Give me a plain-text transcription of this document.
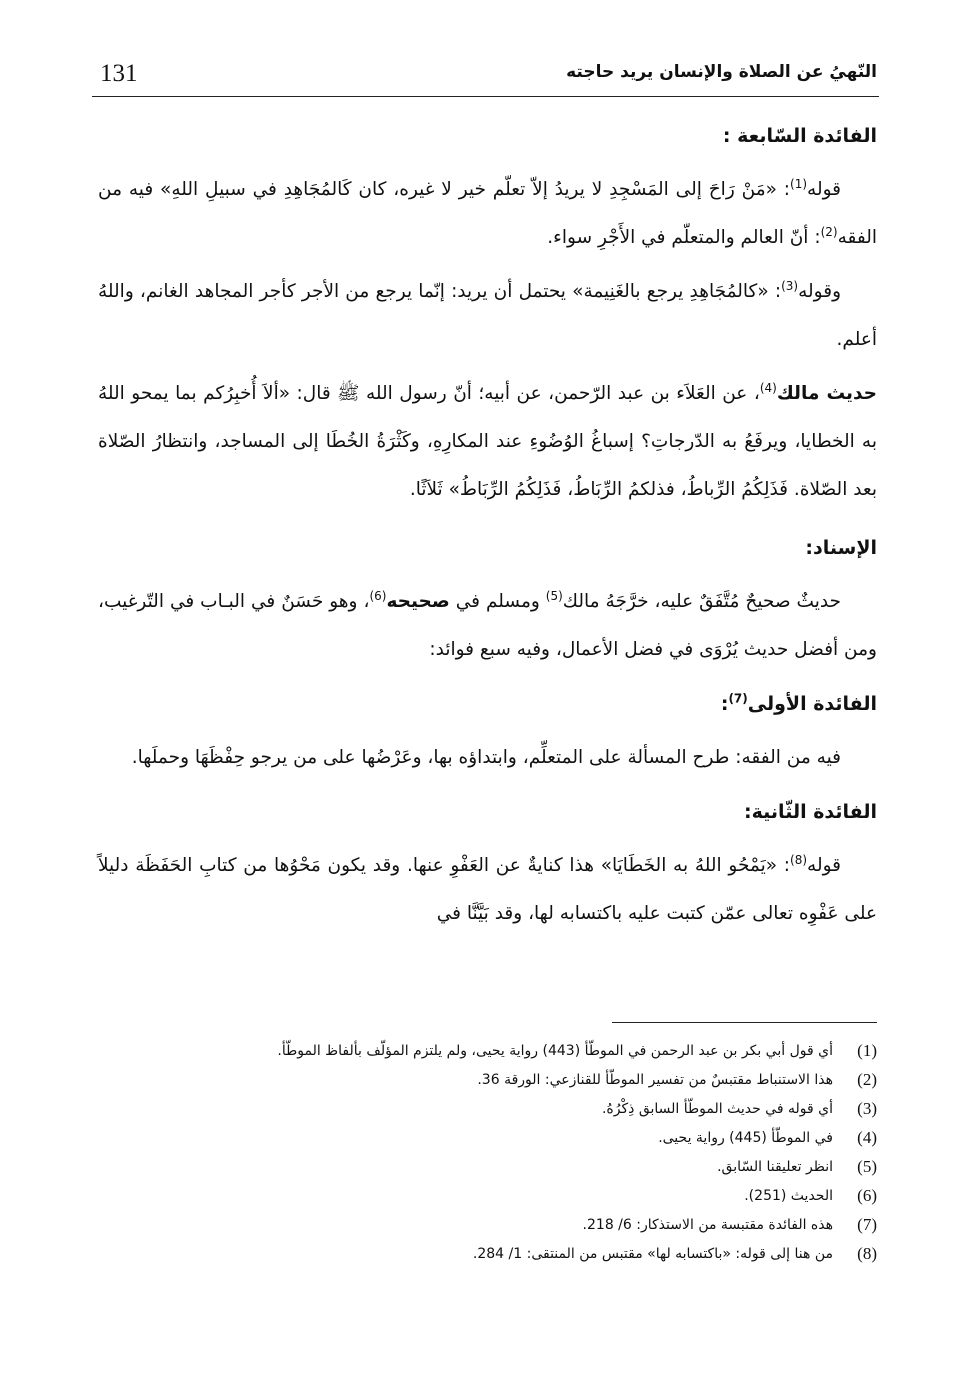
131	النّهيُ عن الصلاة والإنسان يريد حاجته

الفائدة السّابعة :

قوله$^{(1)}$: «مَنْ رَاحَ إلى المَسْجِدِ لا يريدُ إلاّ تعلّم خير لا غيره، كان كَالمُجَاهِدِ في سبيلِ اللهِ» فيه من الفقه$^{(2)}$: أنّ العالم والمتعلّم في الأَجْرِ سواء.

وقوله$^{(3)}$: «كالمُجَاهِدِ يرجع بالغَنِيمة» يحتمل أن يريد: إنّما يرجع من الأجر كأجر المجاهد الغانم، واللهُ أعلم.

حديث مالك$^{(4)}$، عن العَلاَء بن عبد الرّحمن، عن أبيه؛ أنّ رسول الله ﷺ قال: «ألاَ أُخبِرُكم بما يمحو اللهُ به الخطايا، ويرفَعُ به الدّرجاتِ؟ إسباغُ الوُضُوءِ عند المكارِهِ، وكَثْرَةُ الخُطَا إلى المساجد، وانتظارُ الصّلاة بعد الصّلاة. فَذَلِكُمُ الرِّباطُ، فذلكمُ الرِّبَاطُ، فَذَلِكُمُ الرِّبَاطُ» ثَلاَثًا.

الإسناد:

حديثٌ صحيحٌ مُتَّفَقٌ عليه، خرَّجَهُ مالك$^{(5)}$ ومسلم في صحيحه$^{(6)}$، وهو حَسَنٌ في البـاب في التّرغيب، ومن أفضل حديث يُرْوَى في فضل الأعمال، وفيه سبع فوائد:

الفائدة الأولى$^{(7)}$:

فيه من الفقه: طرح المسألة على المتعلِّم، وابتداؤه بها، وعَرْضُها على من يرجو حِفْظَهَا وحملَها.

الفائدة الثّانية:

قوله$^{(8)}$: «يَمْحُو اللهُ به الخَطَايَا» هذا كنايةٌ عن العَفْوِ عنها. وقد يكون مَحْوُها من كتابِ الحَفَظَة دليلاً على عَفْوِه تعالى عمّن كتبت عليه باكتسابه لها، وقد بَيَّنَّا في

(1)
أي قول أبي بكر بن عبد الرحمن في الموطّأ (443) رواية يحيى، ولم يلتزم المؤلّف بألفاظ الموطّأ.
(2)
هذا الاستنباط مقتبسٌ من تفسير الموطّأ للقنازعي: الورقة 36.
(3)
أي قوله في حديث الموطّأ السابق ذِكْرُهُ.
(4)
في الموطّأ (445) رواية يحيى.
(5)
انظر تعليقنا السّابق.
(6)
الحديث (251).
(7)
هذه الفائدة مقتبسة من الاستذكار: 6/ 218.
(8)
من هنا إلى قوله: «باكتسابه لها» مقتبس من المنتقى: 1/ 284.
